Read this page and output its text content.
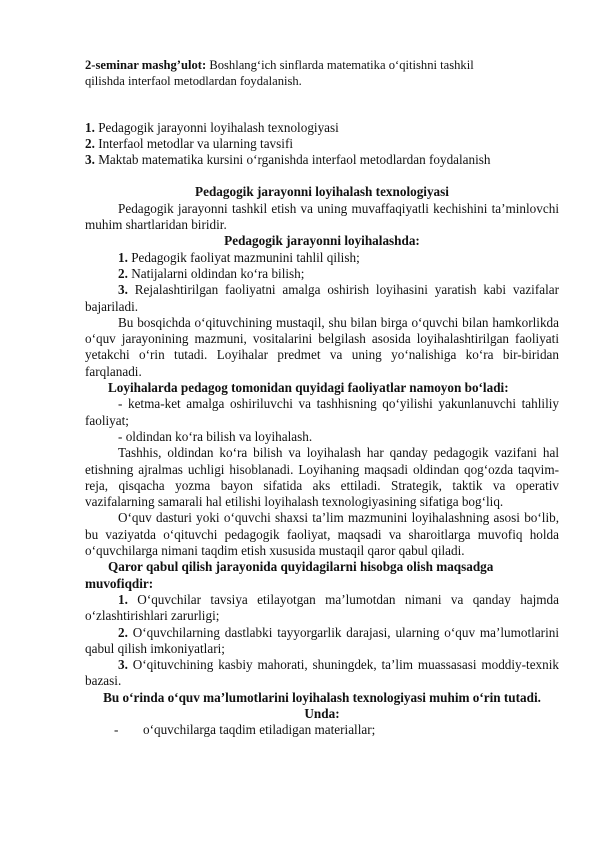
2-seminar mashg’ulot: Boshlang‘ich sinflarda matematika o‘qitishni tashkil
qilishda interfaol metodlardan foydalanish.

1. Pedagogik jarayonni loyihalash texnologiyasi

2. Interfaol metodlar va ularning tavsifi

3. Maktab matematika kursini o‘rganishda interfaol metodlardan foydalanish

Pedagogik jarayonni loyihalash texnologiyasi

Pedagogik jarayonni tashkil etish va uning muvaffaqiyatli kechishini ta’minlovchi muhim shartlaridan biridir.

Pedagogik jarayonni loyihalashda:

1. Pedagogik faoliyat mazmunini tahlil qilish;

2. Natijalarni oldindan ko‘ra bilish;

3. Rejalashtirilgan faoliyatni amalga oshirish loyihasini yaratish kabi vazifalar bajariladi.

Bu bosqichda o‘qituvchining mustaqil, shu bilan birga o‘quvchi bilan hamkorlikda o‘quv jarayonining mazmuni, vositalarini belgilash asosida loyihalashtirilgan faoliyati yetakchi o‘rin tutadi. Loyihalar predmet va uning yo‘nalishiga ko‘ra bir-biridan farqlanadi.

Loyihalarda pedagog tomonidan quyidagi faoliyatlar namoyon bo‘ladi:

- ketma-ket amalga oshiriluvchi va tashhisning qo‘yilishi yakunlanuvchi tahliliy faoliyat;

- oldindan ko‘ra bilish va loyihalash.

Tashhis, oldindan ko‘ra bilish va loyihalash har qanday pedagogik vazifani hal etishning ajralmas uchligi hisoblanadi. Loyihaning maqsadi oldindan qog‘ozda taqvim-reja, qisqacha yozma bayon sifatida aks ettiladi. Strategik, taktik va operativ vazifalarning samarali hal etilishi loyihalash texnologiyasining sifatiga bog‘liq.

O‘quv dasturi yoki o‘quvchi shaxsi ta’lim mazmunini loyihalashning asosi bo‘lib, bu vaziyatda o‘qituvchi pedagogik faoliyat, maqsadi va sharoitlarga muvofiq holda o‘quvchilarga nimani taqdim etish xususida mustaqil qaror qabul qiladi.

Qaror qabul qilish jarayonida quyidagilarni hisobga olish maqsadga

muvofiqdir:

1. O‘quvchilar tavsiya etilayotgan ma’lumotdan nimani va qanday hajmda o‘zlashtirishlari zarurligi;

2. O‘quvchilarning dastlabki tayyorgarlik darajasi, ularning o‘quv ma’lumotlarini qabul qilish imkoniyatlari;

3. O‘qituvchining kasbiy mahorati, shuningdek, ta’lim muassasasi moddiy-texnik bazasi.

Bu o‘rinda o‘quv ma’lumotlarini loyihalash texnologiyasi muhim o‘rin tutadi.

Unda:

-	o‘quvchilarga taqdim etiladigan materiallar;
